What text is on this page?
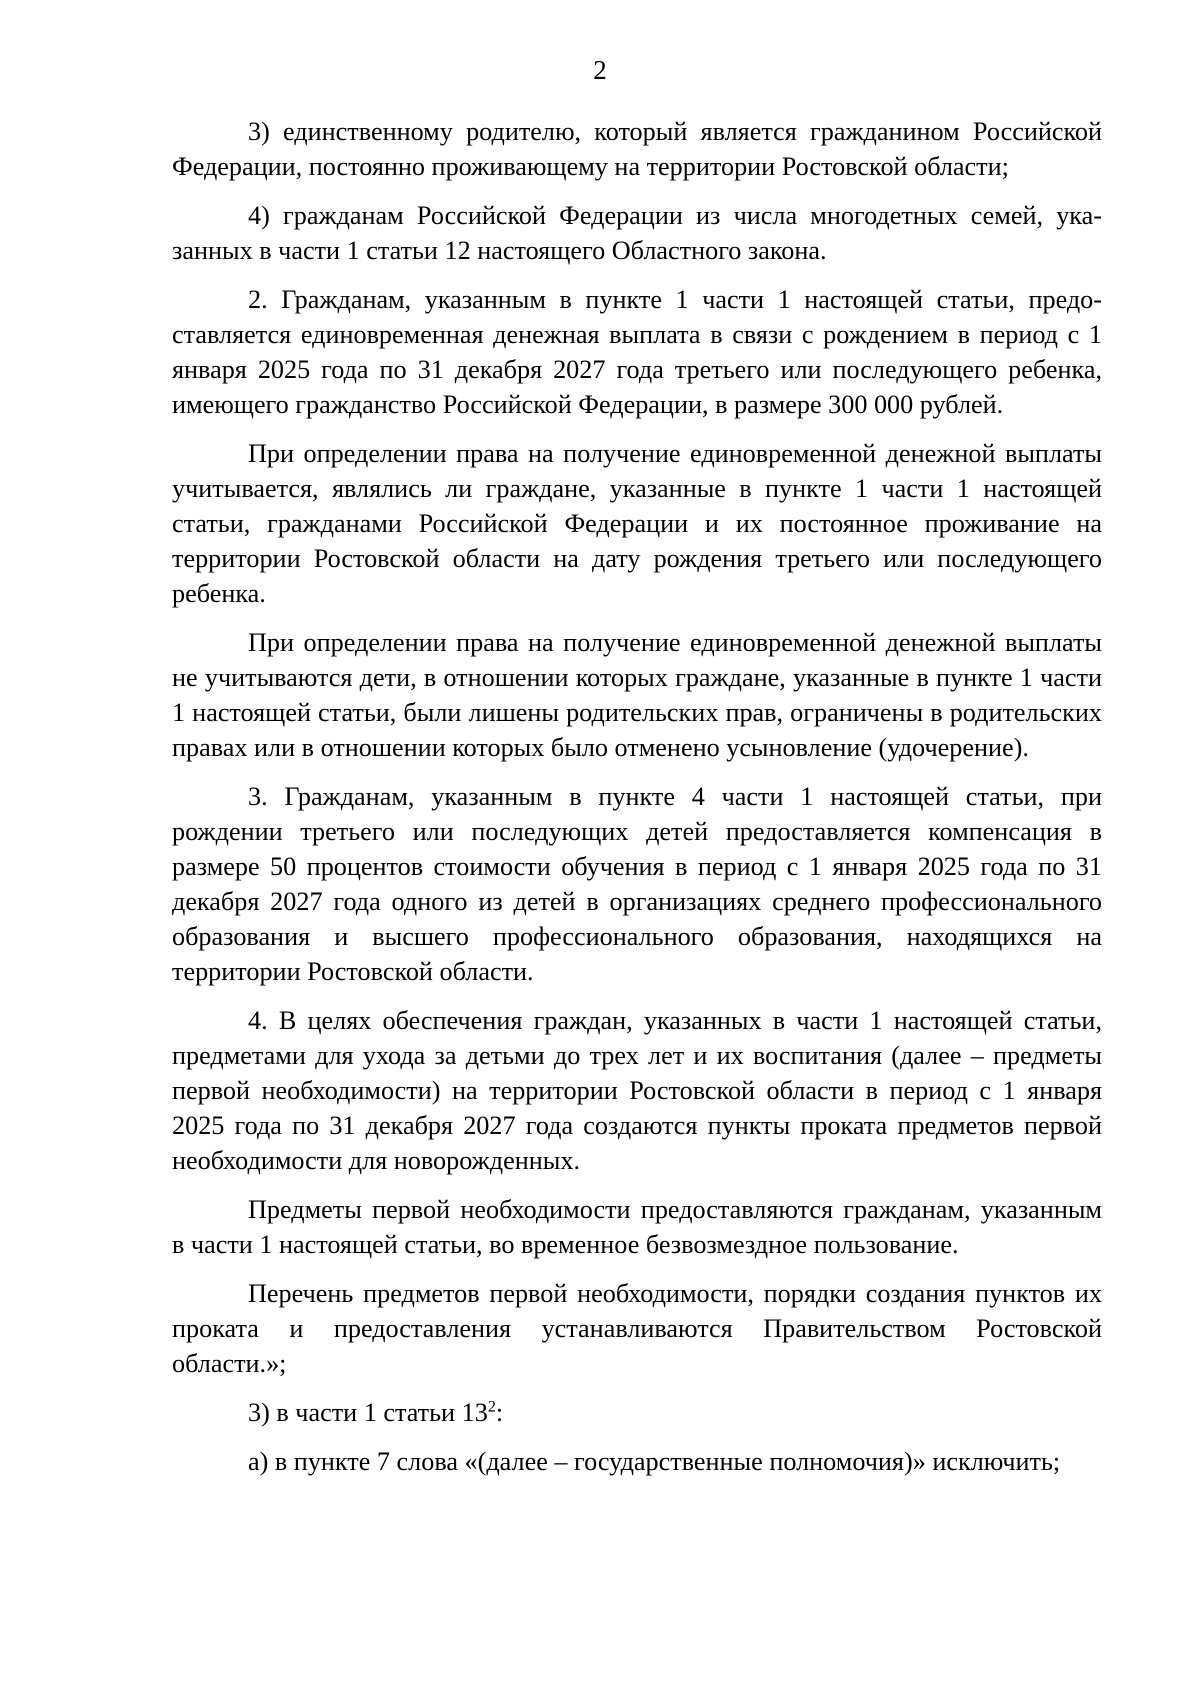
2

3) единственному родителю, который является гражданином Российской Федерации, постоянно проживающему на территории Ростовской области;

4) гражданам Российской Федерации из числа многодетных семей, указанных в части 1 статьи 12 настоящего Областного закона.

2. Гражданам, указанным в пункте 1 части 1 настоящей статьи, предоставляется единовременная денежная выплата в связи с рождением в период с 1 января 2025 года по 31 декабря 2027 года третьего или последующего ребенка, имеющего гражданство Российской Федерации, в размере 300 000 рублей.

При определении права на получение единовременной денежной выплаты учитывается, являлись ли граждане, указанные в пункте 1 части 1 настоящей статьи, гражданами Российской Федерации и их постоянное проживание на территории Ростовской области на дату рождения третьего или последующего ребенка.

При определении права на получение единовременной денежной выплаты не учитываются дети, в отношении которых граждане, указанные в пункте 1 части 1 настоящей статьи, были лишены родительских прав, ограничены в родительских правах или в отношении которых было отменено усыновление (удочерение).

3. Гражданам, указанным в пункте 4 части 1 настоящей статьи, при рождении третьего или последующих детей предоставляется компенсация в размере 50 процентов стоимости обучения в период с 1 января 2025 года по 31 декабря 2027 года одного из детей в организациях среднего профессионального образования и высшего профессионального образования, находящихся на территории Ростовской области.

4. В целях обеспечения граждан, указанных в части 1 настоящей статьи, предметами для ухода за детьми до трех лет и их воспитания (далее – предметы первой необходимости) на территории Ростовской области в период с 1 января 2025 года по 31 декабря 2027 года создаются пункты проката предметов первой необходимости для новорожденных.

Предметы первой необходимости предоставляются гражданам, указанным в части 1 настоящей статьи, во временное безвозмездное пользование.

Перечень предметов первой необходимости, порядки создания пунктов их проката и предоставления устанавливаются Правительством Ростовской области.»;

3) в части 1 статьи $13^2$:

а) в пункте 7 слова «(далее – государственные полномочия)» исключить;
